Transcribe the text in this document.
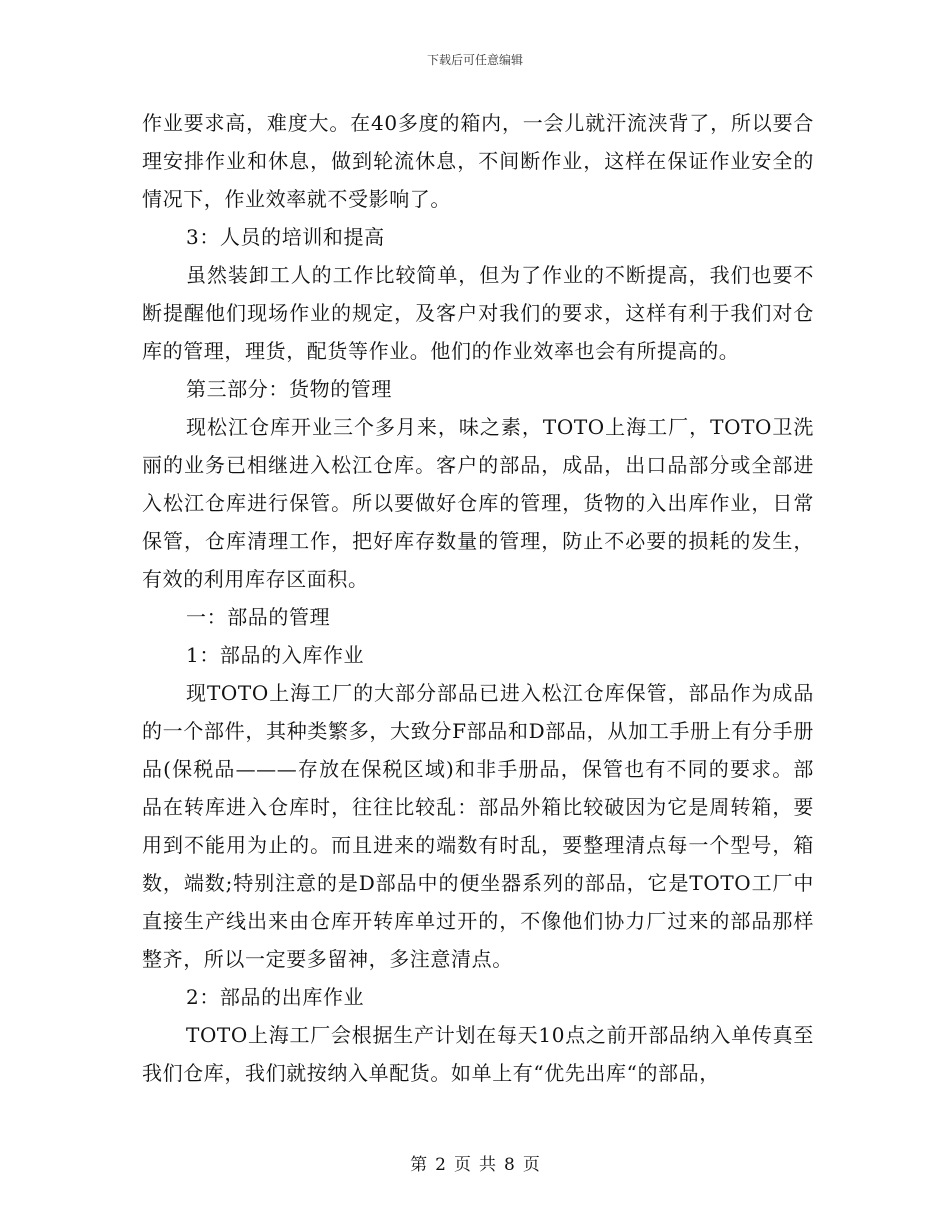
下载后可任意编辑

作业要求高，难度大。在40多度的箱内，一会儿就汗流浃背了，所以要合理安排作业和休息，做到轮流休息，不间断作业，这样在保证作业安全的情况下，作业效率就不受影响了。

3：人员的培训和提高

虽然装卸工人的工作比较简单，但为了作业的不断提高，我们也要不断提醒他们现场作业的规定，及客户对我们的要求，这样有利于我们对仓库的管理，理货，配货等作业。他们的作业效率也会有所提高的。

第三部分：货物的管理

现松江仓库开业三个多月来，味之素，TOTO上海工厂，TOTO卫洗丽的业务已相继进入松江仓库。客户的部品，成品，出口品部分或全部进入松江仓库进行保管。所以要做好仓库的管理，货物的入出库作业，日常保管，仓库清理工作，把好库存数量的管理，防止不必要的损耗的发生，有效的利用库存区面积。

一：部品的管理

1：部品的入库作业

现TOTO上海工厂的大部分部品已进入松江仓库保管，部品作为成品的一个部件，其种类繁多，大致分F部品和D部品，从加工手册上有分手册品(保税品———存放在保税区域)和非手册品，保管也有不同的要求。部品在转库进入仓库时，往往比较乱：部品外箱比较破因为它是周转箱，要用到不能用为止的。而且进来的端数有时乱，要整理清点每一个型号，箱数，端数;特别注意的是D部品中的便坐器系列的部品，它是TOTO工厂中直接生产线出来由仓库开转库单过开的，不像他们协力厂过来的部品那样整齐，所以一定要多留神，多注意清点。

2：部品的出库作业

TOTO上海工厂会根据生产计划在每天10点之前开部品纳入单传真至我们仓库，我们就按纳入单配货。如单上有“优先出库“的部品，

第 2 页 共 8 页
